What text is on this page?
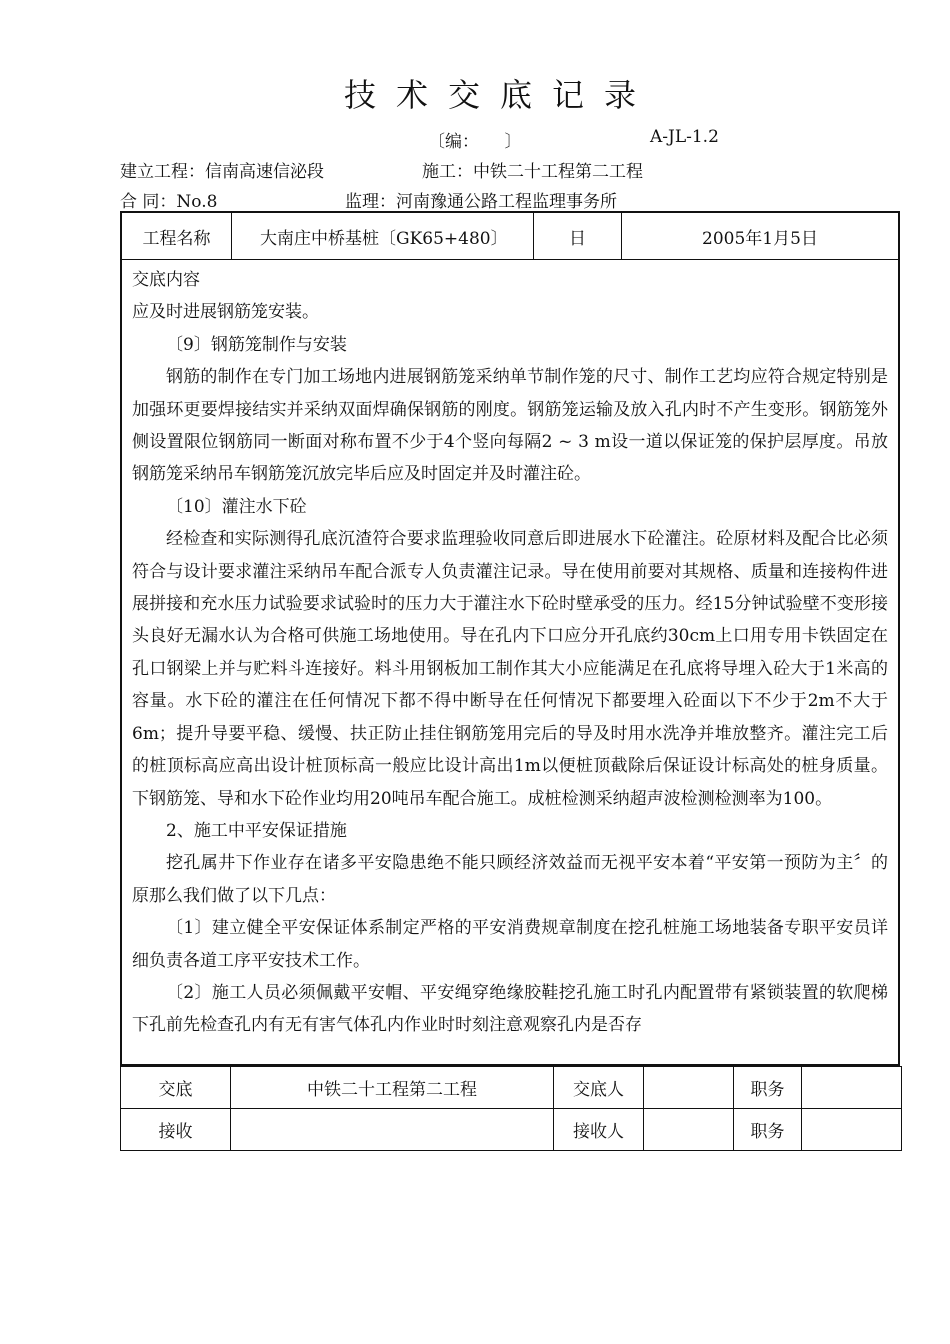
技术交底记录
〔编：　　〕	A-JL-1.2
建立工程：信南高速信泌段	施工：中铁二十工程第二工程
合 同：No.8	监理：河南豫通公路工程监理事务所
工程名称	大南庄中桥基桩〔GK65+480〕	日	2005年1月5日

交底内容

应及时进展钢筋笼安装。

〔9〕钢筋笼制作与安装

钢筋的制作在专门加工场地内进展钢筋笼采纳单节制作笼的尺寸、制作工艺均应符合规定特别是加强环更要焊接结实并采纳双面焊确保钢筋的刚度。钢筋笼运输及放入孔内时不产生变形。钢筋笼外侧设置限位钢筋同一断面对称布置不少于4个竖向每隔2 ~ 3 m设一道以保证笼的保护层厚度。吊放钢筋笼采纳吊车钢筋笼沉放完毕后应及时固定并及时灌注砼。

〔10〕灌注水下砼

经检查和实际测得孔底沉渣符合要求监理验收同意后即进展水下砼灌注。砼原材料及配合比必须符合与设计要求灌注采纳吊车配合派专人负责灌注记录。导在使用前要对其规格、质量和连接构件进展拼接和充水压力试验要求试验时的压力大于灌注水下砼时壁承受的压力。经15分钟试验壁不变形接头良好无漏水认为合格可供施工场地使用。导在孔内下口应分开孔底约30cm上口用专用卡铁固定在孔口钢梁上并与贮料斗连接好。料斗用钢板加工制作其大小应能满足在孔底将导埋入砼大于1米高的容量。水下砼的灌注在任何情况下都不得中断导在任何情况下都要埋入砼面以下不少于2m不大于6m；提升导要平稳、缓慢、扶正防止挂住钢筋笼用完后的导及时用水洗净并堆放整齐。灌注完工后的桩顶标高应高出设计桩顶标高一般应比设计高出1m以便桩顶截除后保证设计标高处的桩身质量。下钢筋笼、导和水下砼作业均用20吨吊车配合施工。成桩检测采纳超声波检测检测率为100。

2、施工中平安保证措施

挖孔属井下作业存在诸多平安隐患绝不能只顾经济效益而无视平安本着“平安第一预防为主〞的原那么我们做了以下几点：

〔1〕建立健全平安保证体系制定严格的平安消费规章制度在挖孔桩施工场地装备专职平安员详细负责各道工序平安技术工作。

〔2〕施工人员必须佩戴平安帽、平安绳穿绝缘胶鞋挖孔施工时孔内配置带有紧锁装置的软爬梯下孔前先检查孔内有无有害气体孔内作业时时刻注意观察孔内是否存

交底	中铁二十工程第二工程	交底人		职务	
接收		接收人		职务	
